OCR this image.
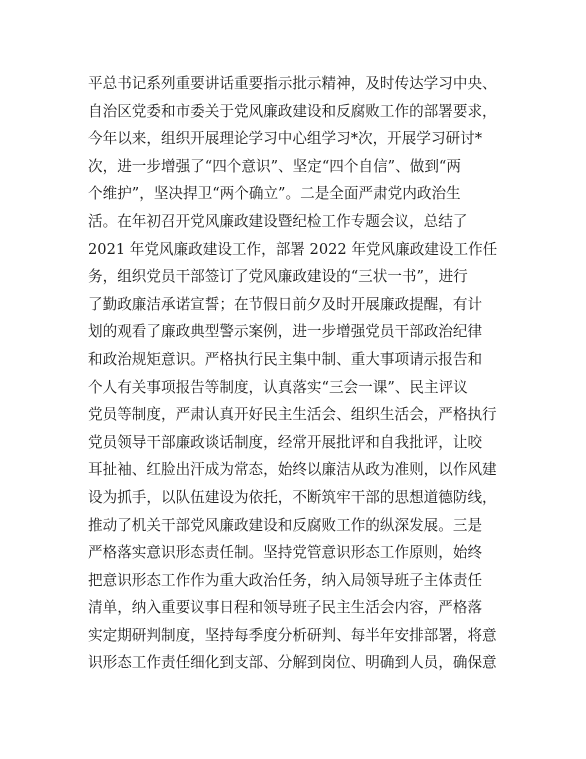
平总书记系列重要讲话重要指示批示精神，及时传达学习中央、
自治区党委和市委关于党风廉政建设和反腐败工作的部署要求，
今年以来，组织开展理论学习中心组学习*次，开展学习研讨*
次，进一步增强了“四个意识”、坚定“四个自信”、做到“两
个维护”，坚决捍卫“两个确立”。二是全面严肃党内政治生
活。在年初召开党风廉政建设暨纪检工作专题会议，总结了
2021 年党风廉政建设工作，部署 2022 年党风廉政建设工作任
务，组织党员干部签订了党风廉政建设的“三状一书”，进行
了勤政廉洁承诺宣誓；在节假日前夕及时开展廉政提醒，有计
划的观看了廉政典型警示案例，进一步增强党员干部政治纪律
和政治规矩意识。严格执行民主集中制、重大事项请示报告和
个人有关事项报告等制度，认真落实“三会一课”、民主评议
党员等制度，严肃认真开好民主生活会、组织生活会，严格执行
党员领导干部廉政谈话制度，经常开展批评和自我批评，让咬
耳扯袖、红脸出汗成为常态，始终以廉洁从政为准则，以作风建
设为抓手，以队伍建设为依托，不断筑牢干部的思想道德防线，
推动了机关干部党风廉政建设和反腐败工作的纵深发展。三是
严格落实意识形态责任制。坚持党管意识形态工作原则，始终
把意识形态工作作为重大政治任务，纳入局领导班子主体责任
清单，纳入重要议事日程和领导班子民主生活会内容，严格落
实定期研判制度，坚持每季度分析研判、每半年安排部署，将意
识形态工作责任细化到支部、分解到岗位、明确到人员，确保意
